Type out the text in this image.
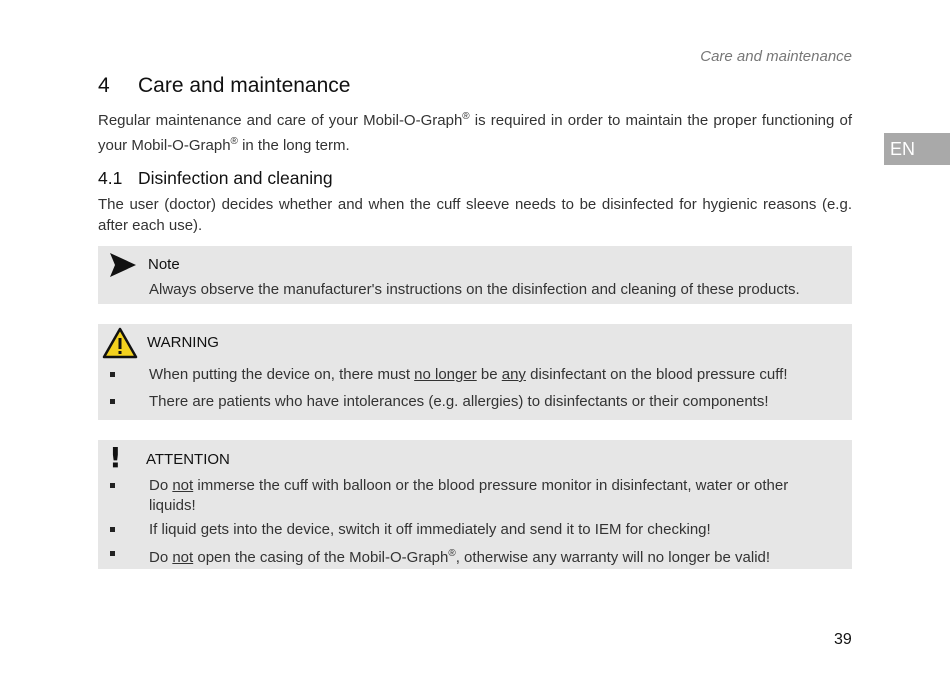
Care and maintenance
EN
4 Care and maintenance

Regular maintenance and care of your Mobil-O-Graph® is required in order to maintain the proper functioning of your Mobil-O-Graph® in the long term.

4.1 Disinfection and cleaning

The user (doctor) decides whether and when the cuff sleeve needs to be disinfected for hygienic reasons (e.g. after each use).

Note
Always observe the manufacturer's instructions on the disinfection and cleaning of these products.
WARNING
When putting the device on, there must no longer be any disinfectant on the blood pressure cuff!
There are patients who have intolerances (e.g. allergies) to disinfectants or their components!
! ATTENTION
Do not immerse the cuff with balloon or the blood pressure monitor in disinfectant, water or other liquids!
If liquid gets into the device, switch it off immediately and send it to IEM for checking!
Do not open the casing of the Mobil-O-Graph®, otherwise any warranty will no longer be valid!
39
